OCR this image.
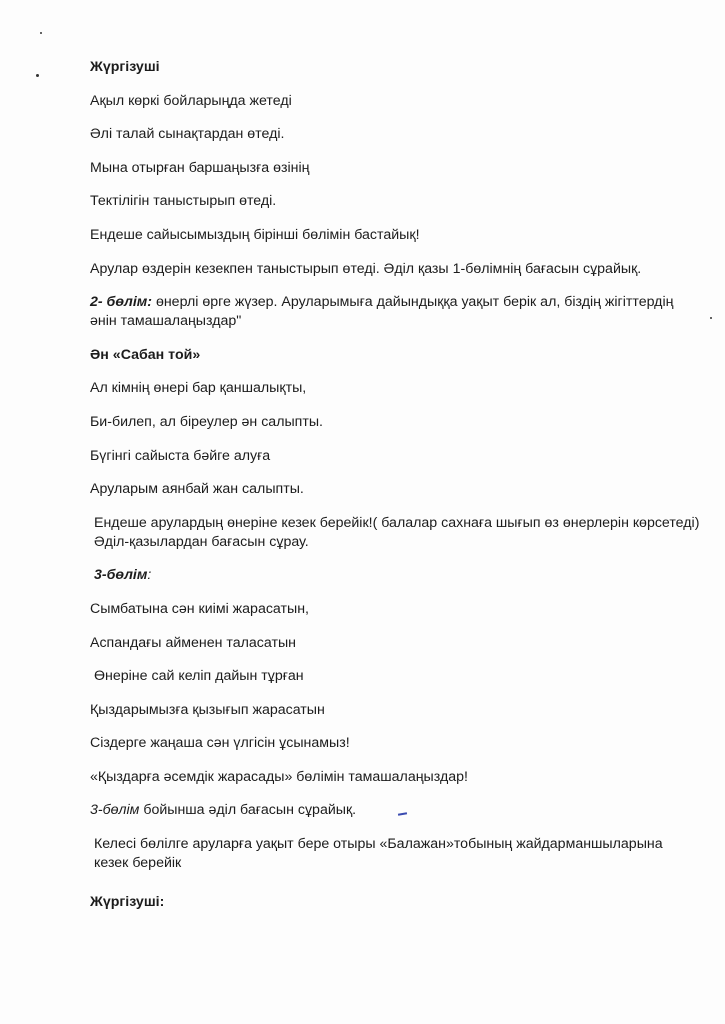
Жүргізуші

Ақыл көркі бойларыңда жетеді

Әлі талай сынақтардан өтеді.

Мына отырған баршаңызға өзінің

Тектілігін таныстырып өтеді.

Ендеше сайысымыздың бірінші бөлімін бастайық!

Арулар өздерін кезекпен таныстырып өтеді. Әділ қазы 1-бөлімнің бағасын сұрайық.

2- бөлім: өнерлі өрге жүзер. Аруларымыға дайындыққа уақыт берік ал, біздің жігіттердің әнін тамашалаңыздар"

Ән «Сабан той»

Ал кімнің өнері бар қаншалықты,

Би-билеп, ал біреулер ән салыпты.

Бүгінгі сайыста бәйге алуға

Аруларым аянбай жан салыпты.

Ендеше арулардың өнеріне кезек берейік!( балалар сахнаға шығып өз өнерлерін көрсетеді) Әділ-қазылардан бағасын сұрау.

3-бөлім:

Сымбатына сән киімі жарасатын,

Аспандағы айменен таласатын

Өнеріне сай келіп дайын тұрған

Қыздарымызға қызығып жарасатын

Сіздерге жаңаша сән үлгісін ұсынамыз!

«Қыздарға әсемдік жарасады» бөлімін тамашалаңыздар!

3-бөлім бойынша әділ бағасын сұрайық.

Келесі бөлілге аруларға уақыт бере отыры «Балажан»тобының жайдарманшыларына кезек берейік

Жүргізуші:
